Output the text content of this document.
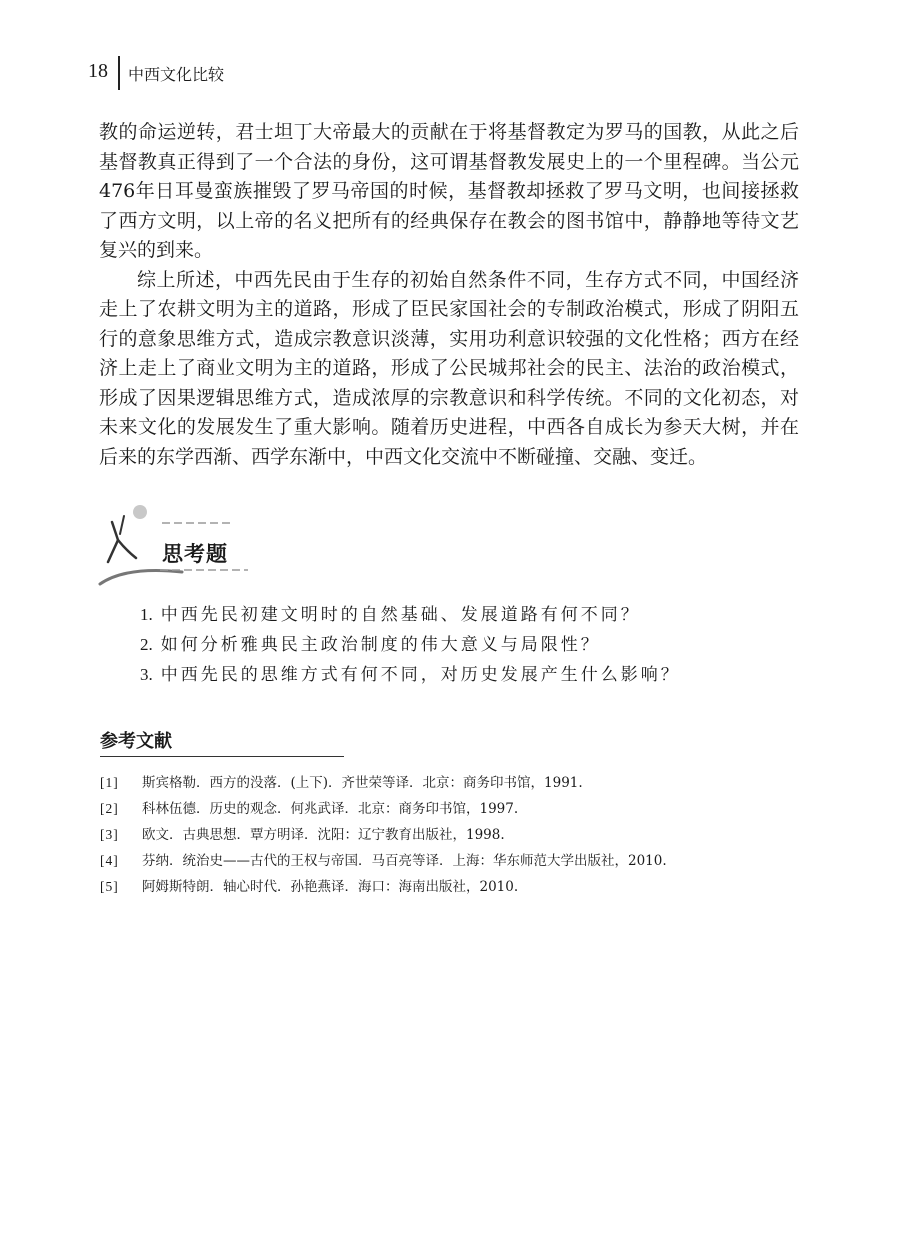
18 中西文化比较

教的命运逆转，君士坦丁大帝最大的贡献在于将基督教定为罗马的国教，从此之后基督教真正得到了一个合法的身份，这可谓基督教发展史上的一个里程碑。当公元476年日耳曼蛮族摧毁了罗马帝国的时候，基督教却拯救了罗马文明，也间接拯救了西方文明，以上帝的名义把所有的经典保存在教会的图书馆中，静静地等待文艺复兴的到来。

综上所述，中西先民由于生存的初始自然条件不同，生存方式不同，中国经济走上了农耕文明为主的道路，形成了臣民家国社会的专制政治模式，形成了阴阳五行的意象思维方式，造成宗教意识淡薄，实用功利意识较强的文化性格；西方在经济上走上了商业文明为主的道路，形成了公民城邦社会的民主、法治的政治模式，形成了因果逻辑思维方式，造成浓厚的宗教意识和科学传统。不同的文化初态，对未来文化的发展发生了重大影响。随着历史进程，中西各自成长为参天大树，并在后来的东学西渐、西学东渐中，中西文化交流中不断碰撞、交融、变迁。

思考题
1. 中西先民初建文明时的自然基础、发展道路有何不同？
2. 如何分析雅典民主政治制度的伟大意义与局限性？
3. 中西先民的思维方式有何不同，对历史发展产生什么影响？
参考文献
[1] 斯宾格勒．西方的没落．(上下)．齐世荣等译．北京：商务印书馆，1991.
[2] 科林伍德．历史的观念．何兆武译．北京：商务印书馆，1997.
[3] 欧文．古典思想．覃方明译．沈阳：辽宁教育出版社，1998.
[4] 芬纳．统治史——古代的王权与帝国．马百亮等译．上海：华东师范大学出版社，2010.
[5] 阿姆斯特朗．轴心时代．孙艳燕译．海口：海南出版社，2010.
